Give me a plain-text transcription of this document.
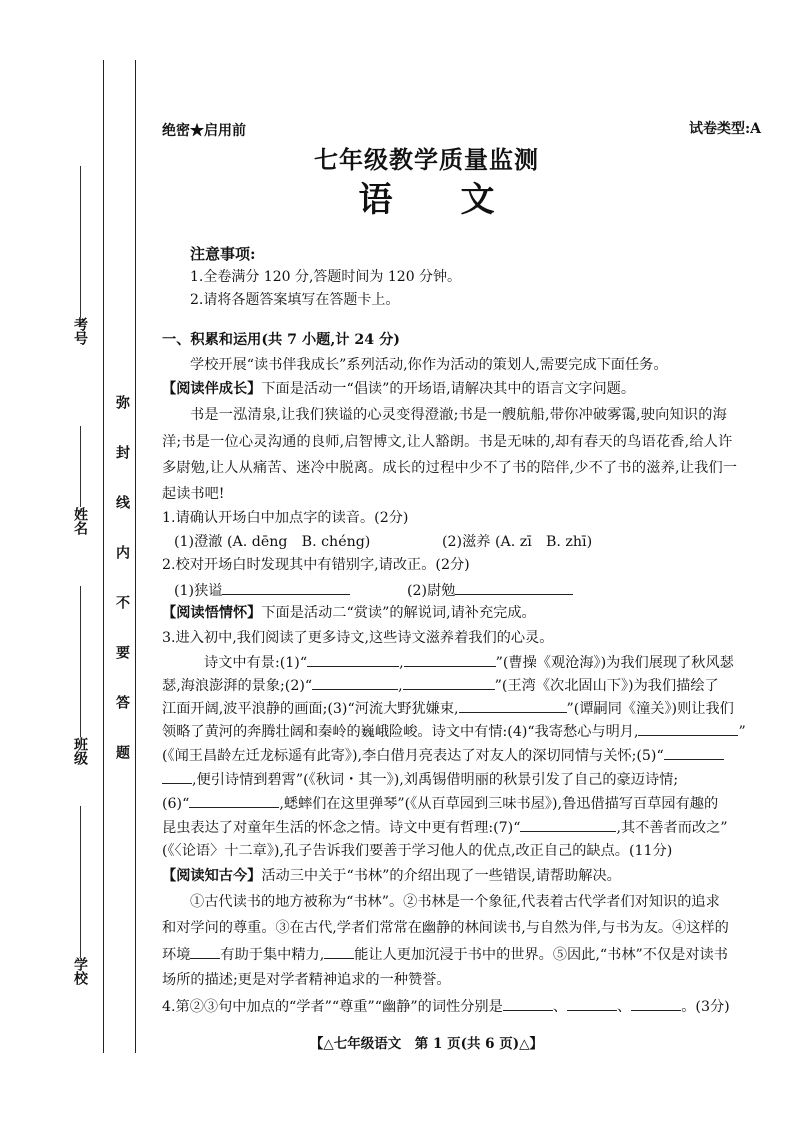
考号
姓名
班级
学校
弥封线内不要答题
绝密★启用前	试卷类型:A
七年级教学质量监测
语　　文
注意事项:
1.全卷满分 120 分,答题时间为 120 分钟。
2.请将各题答案填写在答题卡上。
一、积累和运用(共 7 小题,计 24 分)
学校开展“读书伴我成长”系列活动,你作为活动的策划人,需要完成下面任务。
【阅读伴成长】下面是活动一“倡读”的开场语,请解决其中的语言文字问题。
书是一泓清泉,让我们狭谥的心灵变得澄澈;书是一艘航船,带你冲破雾霭,驶向知识的海
洋;书是一位心灵沟通的良师,启智博文,让人豁朗。书是无味的,却有春天的鸟语花香,给人许
多尉勉,让人从痛苦、迷冷中脱离。成长的过程中少不了书的陪伴,少不了书的滋养,让我们一
起读书吧!
1.请确认开场白中加点字的读音。(2分)
(1)澄澈 (A. dēng　B. chéng)	(2)滋养 (A. zī　B. zhī)
2.校对开场白时发现其中有错别字,请改正。(2分)
(1)狭谥	(2)尉勉
【阅读悟情怀】下面是活动二“赏读”的解说词,请补充完成。
3.进入初中,我们阅读了更多诗文,这些诗文滋养着我们的心灵。
诗文中有景:(1)“	,	”(曹操《观沧海》)为我们展现了秋风瑟
瑟,海浪澎湃的景象;(2)“	,	”(王湾《次北固山下》)为我们描绘了
江面开阔,波平浪静的画面;(3)“河流大野犹嫌束,	”(谭嗣同《潼关》)则让我们
领略了黄河的奔腾壮阔和秦岭的巍峨险峻。诗文中有情:(4)“我寄愁心与明月,	”
(《闻王昌龄左迁龙标遥有此寄》),李白借月亮表达了对友人的深切同情与关怀;(5)“
,便引诗情到碧霄”(《秋词・其一》),刘禹锡借明丽的秋景引发了自己的豪迈诗情;
(6)“	,蟋蟀们在这里弹琴”(《从百草园到三味书屋》),鲁迅借描写百草园有趣的
昆虫表达了对童年生活的怀念之情。诗文中更有哲理:(7)“	,其不善者而改之”
(《〈论语〉十二章》),孔子告诉我们要善于学习他人的优点,改正自己的缺点。(11分)
【阅读知古今】活动三中关于“书林”的介绍出现了一些错误,请帮助解决。
①古代读书的地方被称为“书林”。②书林是一个象征,代表着古代学者们对知识的追求
和对学问的尊重。③在古代,学者们常常在幽静的林间读书,与自然为伴,与书为友。④这样的
环境 有助于集中精力, 能让人更加沉浸于书中的世界。⑤因此,“书林”不仅是对读书
场所的描述;更是对学者精神追求的一种赞誉。
4.第②③句中加点的“学者”“尊重”“幽静”的词性分别是	、	、	。(3分)
【△七年级语文　第 1 页(共 6 页)△】
